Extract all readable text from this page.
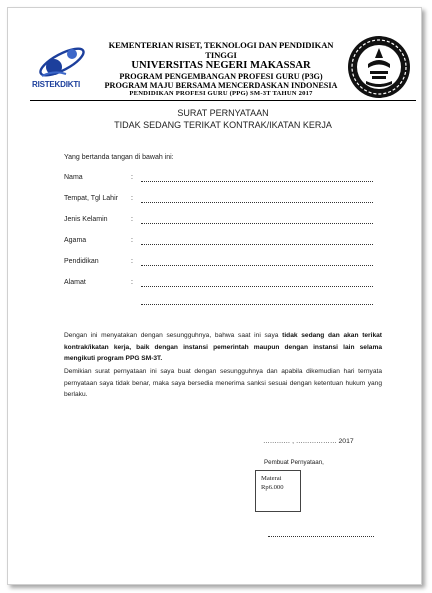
RISTEKDIKTI
KEMENTERIAN RISET, TEKNOLOGI DAN PENDIDIKAN TINGGI
UNIVERSITAS NEGERI MAKASSAR
PROGRAM PENGEMBANGAN PROFESI GURU (P3G)
PROGRAM MAJU BERSAMA MENCERDASKAN INDONESIA
PENDIDIKAN PROFESI GURU (PPG) SM-3T TAHUN 2017
SURAT PERNYATAAN
TIDAK SEDANG TERIKAT KONTRAK/IKATAN KERJA
Yang bertanda tangan di bawah ini:
Nama	:
Tempat, Tgl Lahir :
Jenis Kelamin	:
Agama	:
Pendidikan	:
Alamat	:
Dengan ini menyatakan dengan sesungguhnya, bahwa saat ini saya tidak sedang dan akan terikat kontrak/ikatan kerja, baik dengan instansi pemerintah maupun dengan instansi lain selama mengikuti program PPG SM-3T.
Demikian surat pernyataan ini saya buat dengan sesungguhnya dan apabila dikemudian hari ternyata pernyataan saya tidak benar, maka saya bersedia menerima sanksi sesuai dengan ketentuan hukum yang berlaku.
………… , ……………… 2017
Pembuat Pernyataan,
Materai
Rp6.000
